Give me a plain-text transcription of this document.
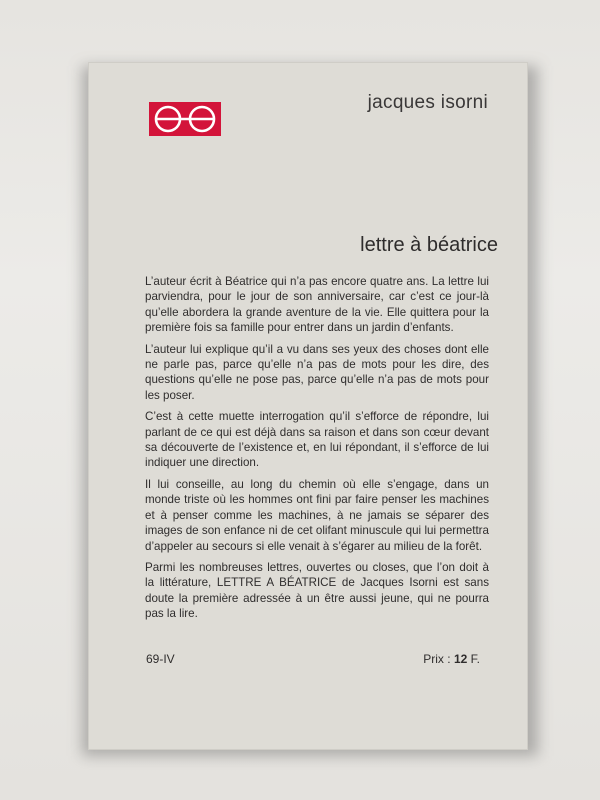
jacques isorni
lettre à béatrice

L’auteur écrit à Béatrice qui n’a pas encore quatre ans. La lettre lui parviendra, pour le jour de son anniversaire, car c’est ce jour-là qu’elle abordera la grande aventure de la vie. Elle quittera pour la première fois sa famille pour entrer dans un jardin d’enfants.

L’auteur lui explique qu’il a vu dans ses yeux des choses dont elle ne parle pas, parce qu’elle n’a pas de mots pour les dire, des questions qu’elle ne pose pas, parce qu’elle n’a pas de mots pour les poser.

C’est à cette muette interrogation qu’il s’efforce de répondre, lui parlant de ce qui est déjà dans sa raison et dans son cœur devant sa découverte de l’existence et, en lui répondant, il s’efforce de lui indiquer une direction.

Il lui conseille, au long du chemin où elle s’engage, dans un monde triste où les hommes ont fini par faire penser les machines et à penser comme les machines, à ne jamais se séparer des images de son enfance ni de cet olifant minuscule qui lui permettra d’appeler au secours si elle venait à s’égarer au milieu de la forêt.

Parmi les nombreuses lettres, ouvertes ou closes, que l’on doit à la littérature, LETTRE A BÉATRICE de Jacques Isorni est sans doute la première adressée à un être aussi jeune, qui ne pourra pas la lire.

69-IV	Prix : 12 F.
